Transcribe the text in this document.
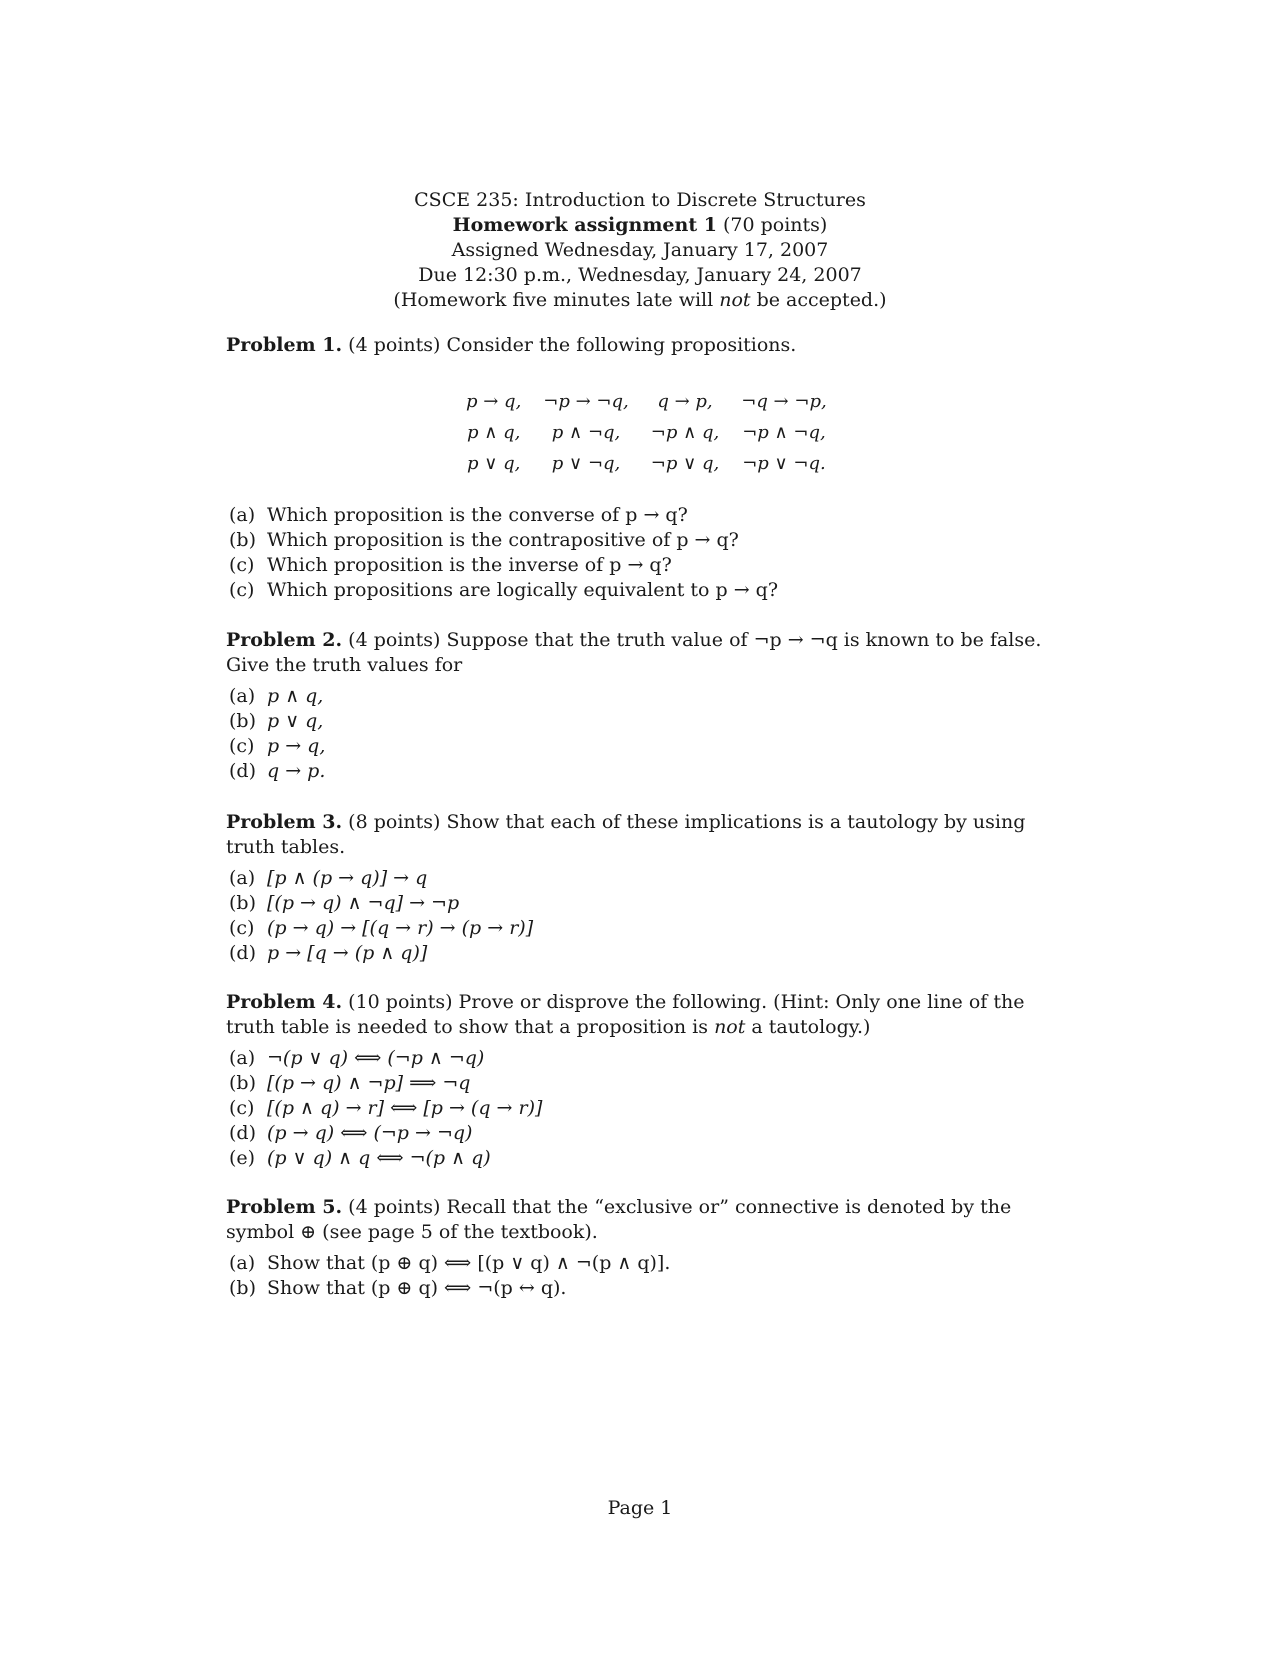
CSCE 235: Introduction to Discrete Structures
Homework assignment 1 (70 points)
Assigned Wednesday, January 17, 2007
Due 12:30 p.m., Wednesday, January 24, 2007
(Homework five minutes late will not be accepted.)
Problem 1. (4 points) Consider the following propositions.
p → q,	¬p → ¬q,	q → p,	¬q → ¬p,
p ∧ q,	p ∧ ¬q,	¬p ∧ q,	¬p ∧ ¬q,
p ∨ q,	p ∨ ¬q,	¬p ∨ q,	¬p ∨ ¬q.
(a) Which proposition is the converse of p → q?
(b) Which proposition is the contrapositive of p → q?
(c) Which proposition is the inverse of p → q?
(c) Which propositions are logically equivalent to p → q?
Problem 2. (4 points) Suppose that the truth value of ¬p → ¬q is known to be false. Give the truth values for
(a) p ∧ q,
(b) p ∨ q,
(c) p → q,
(d) q → p.
Problem 3. (8 points) Show that each of these implications is a tautology by using truth tables.
(a) [p ∧ (p → q)] → q
(b) [(p → q) ∧ ¬q] → ¬p
(c) (p → q) → [(q → r) → (p → r)]
(d) p → [q → (p ∧ q)]
Problem 4. (10 points) Prove or disprove the following. (Hint: Only one line of the truth table is needed to show that a proposition is not a tautology.)
(a) ¬(p ∨ q) ⟺ (¬p ∧ ¬q)
(b) [(p → q) ∧ ¬p] ⟹ ¬q
(c) [(p ∧ q) → r] ⟺ [p → (q → r)]
(d) (p → q) ⟺ (¬p → ¬q)
(e) (p ∨ q) ∧ q ⟺ ¬(p ∧ q)
Problem 5. (4 points) Recall that the “exclusive or” connective is denoted by the symbol ⊕ (see page 5 of the textbook).
(a) Show that (p ⊕ q) ⟺ [(p ∨ q) ∧ ¬(p ∧ q)].
(b) Show that (p ⊕ q) ⟺ ¬(p ↔ q).
Page 1
